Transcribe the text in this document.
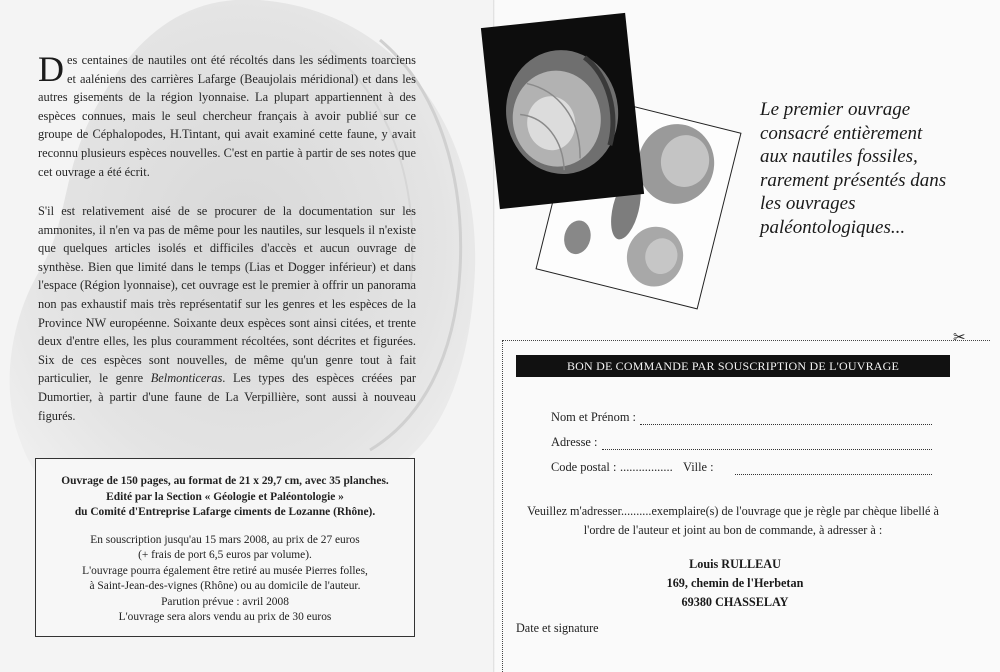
D es centaines de nautiles ont été récoltés dans les sédiments toarciens et aaléniens des carrières Lafarge (Beaujolais méridional) et dans les autres gisements de la région lyonnaise. La plupart appartiennent à des espèces connues, mais le seul chercheur français à avoir publié sur ce groupe de Céphalopodes, H.Tintant, qui avait examiné cette faune, y avait reconnu plusieurs espèces nouvelles. C'est en partie à partir de ses notes que cet ouvrage a été écrit.
S'il est relativement aisé de se procurer de la documentation sur les ammonites, il n'en va pas de même pour les nautiles, sur lesquels il n'existe que quelques articles isolés et difficiles d'accès et aucun ouvrage de synthèse. Bien que limité dans le temps (Lias et Dogger inférieur) et dans l'espace (Région lyonnaise), cet ouvrage est le premier à offrir un panorama non pas exhaustif mais très représentatif sur les genres et les espèces de la Province NW européenne. Soixante deux espèces sont ainsi citées, et trente deux d'entre elles, les plus couramment récoltées, sont décrites et figurées. Six de ces espèces sont nouvelles, de même qu'un genre tout à fait particulier, le genre Belmonticeras. Les types des espèces créées par Dumortier, à partir d'une faune de La Verpillière, sont aussi à nouveau figurés.
Ouvrage de 150 pages, au format de 21 x 29,7 cm, avec 35 planches.
Edité par la Section « Géologie et Paléontologie »
du Comité d'Entreprise Lafarge ciments de Lozanne (Rhône).
En souscription jusqu'au 15 mars 2008, au prix de 27 euros
(+ frais de port 6,5 euros par volume).
L'ouvrage pourra également être retiré au musée Pierres folles,
à Saint-Jean-des-vignes (Rhône) ou au domicile de l'auteur.
Parution prévue : avril 2008
L'ouvrage sera alors vendu au prix de 30 euros
Le premier ouvrage
consacré entièrement
aux nautiles fossiles,
rarement présentés dans
les ouvrages
paléontologiques...
✂
BON DE COMMANDE PAR SOUSCRIPTION DE L'OUVRAGE
Nom et Prénom :
Adresse :
Code postal : ................. Ville :
Veuillez m'adresser..........exemplaire(s) de l'ouvrage que je règle par chèque libellé à
l'ordre de l'auteur et joint au bon de commande, à adresser à :
Louis RULLEAU
169, chemin de l'Herbetan
69380 CHASSELAY
Date et signature
